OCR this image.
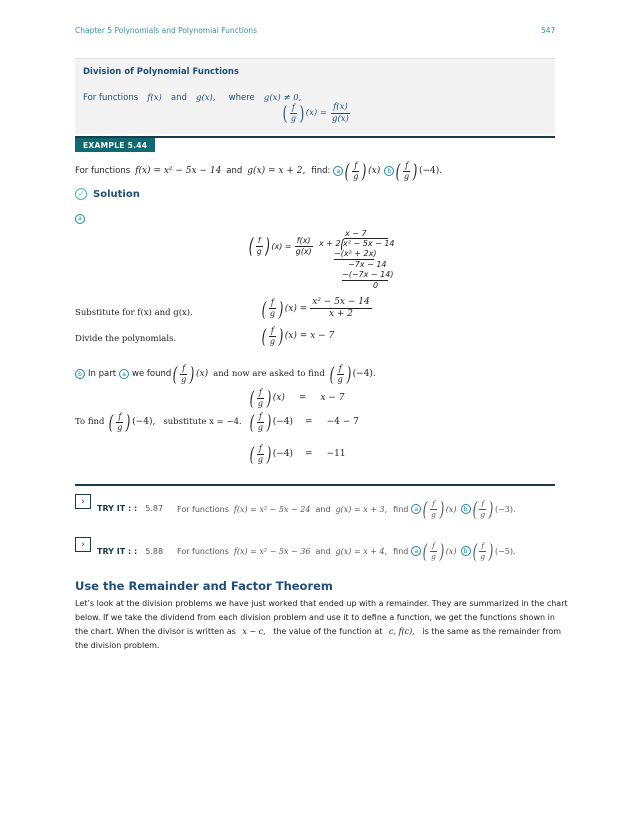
Chapter 5 Polynomials and Polynomial Functions	547
Division of Polynomial Functions
For functions f(x) and g(x), where g(x) ≠ 0,
( $\frac{f}{g}$ ) $(x) = \frac{f(x)}{g(x)}$
EXAMPLE 5.44
For functions f(x) = x² − 5x − 14 and g(x) = x + 2, find:	a ( $\frac{f}{g}$ ) (x)	b ( $\frac{f}{g}$ ) (−4).
✓ Solution
a
( $\frac{f}{g}$ ) $(x) = \frac{f(x)}{g(x)}$
x − 7
x + 2 x² − 5x − 14
−(x² + 2x)
−7x − 14
−(−7x − 14)
0
Substitute for f(x) and g(x).	( $\frac{f}{g}$ ) $(x) = \frac{\text{x² − 5x − 14}}{x + 2}$
Divide the polynomials.	( $\frac{f}{g}$ ) (x) = x − 7
b In part	a we found ( $\frac{f}{g}$ ) (x) and now are asked to find ( $\frac{f}{g}$ ) (−4).
( $\frac{f}{g}$ ) (x) = x − 7
To find ( $\frac{f}{g}$ ) (−4), substitute x = −4. ( $\frac{f}{g}$ ) (−4) = −4 − 7
( $\frac{f}{g}$ ) (−4) = −11
›
TRY IT : : 5.87 For functions f(x) = x² − 5x − 24 and g(x) = x + 3, find	a ( $\frac{f}{g}$ ) (x)	b ( $\frac{f}{g}$ ) (−3).
›
TRY IT : : 5.88 For functions f(x) = x² − 5x − 36 and g(x) = x + 4, find	a ( $\frac{f}{g}$ ) (x)	b ( $\frac{f}{g}$ ) (−5).
Use the Remainder and Factor Theorem
Let’s look at the division problems we have just worked that ended up with a remainder. They are summarized in the chart
below. If we take the dividend from each division problem and use it to define a function, we get the functions shown in
the chart. When the divisor is written as x − c, the value of the function at c, f(c), is the same as the remainder from
the division problem.
